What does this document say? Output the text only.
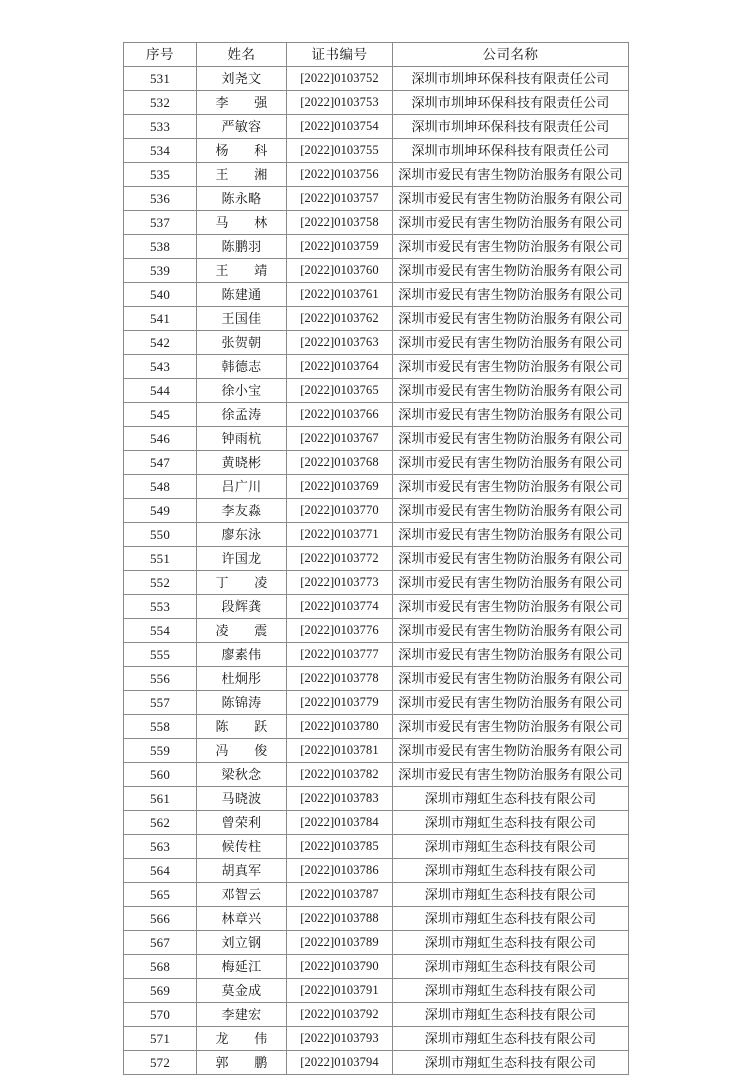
序号	姓名	证书编号	公司名称
531	刘尧文	[2022]0103752	深圳市圳坤环保科技有限责任公司
532	李强	[2022]0103753	深圳市圳坤环保科技有限责任公司
533	严敏容	[2022]0103754	深圳市圳坤环保科技有限责任公司
534	杨科	[2022]0103755	深圳市圳坤环保科技有限责任公司
535	王湘	[2022]0103756	深圳市爱民有害生物防治服务有限公司
536	陈永略	[2022]0103757	深圳市爱民有害生物防治服务有限公司
537	马林	[2022]0103758	深圳市爱民有害生物防治服务有限公司
538	陈鹏羽	[2022]0103759	深圳市爱民有害生物防治服务有限公司
539	王靖	[2022]0103760	深圳市爱民有害生物防治服务有限公司
540	陈建通	[2022]0103761	深圳市爱民有害生物防治服务有限公司
541	王国佳	[2022]0103762	深圳市爱民有害生物防治服务有限公司
542	张贺朝	[2022]0103763	深圳市爱民有害生物防治服务有限公司
543	韩德志	[2022]0103764	深圳市爱民有害生物防治服务有限公司
544	徐小宝	[2022]0103765	深圳市爱民有害生物防治服务有限公司
545	徐孟涛	[2022]0103766	深圳市爱民有害生物防治服务有限公司
546	钟雨杭	[2022]0103767	深圳市爱民有害生物防治服务有限公司
547	黄晓彬	[2022]0103768	深圳市爱民有害生物防治服务有限公司
548	吕广川	[2022]0103769	深圳市爱民有害生物防治服务有限公司
549	李友淼	[2022]0103770	深圳市爱民有害生物防治服务有限公司
550	廖东泳	[2022]0103771	深圳市爱民有害生物防治服务有限公司
551	许国龙	[2022]0103772	深圳市爱民有害生物防治服务有限公司
552	丁凌	[2022]0103773	深圳市爱民有害生物防治服务有限公司
553	段辉龚	[2022]0103774	深圳市爱民有害生物防治服务有限公司
554	凌震	[2022]0103776	深圳市爱民有害生物防治服务有限公司
555	廖素伟	[2022]0103777	深圳市爱民有害生物防治服务有限公司
556	杜炯彤	[2022]0103778	深圳市爱民有害生物防治服务有限公司
557	陈锦涛	[2022]0103779	深圳市爱民有害生物防治服务有限公司
558	陈跃	[2022]0103780	深圳市爱民有害生物防治服务有限公司
559	冯俊	[2022]0103781	深圳市爱民有害生物防治服务有限公司
560	梁秋念	[2022]0103782	深圳市爱民有害生物防治服务有限公司
561	马晓波	[2022]0103783	深圳市翔虹生态科技有限公司
562	曾荣利	[2022]0103784	深圳市翔虹生态科技有限公司
563	候传柱	[2022]0103785	深圳市翔虹生态科技有限公司
564	胡真军	[2022]0103786	深圳市翔虹生态科技有限公司
565	邓智云	[2022]0103787	深圳市翔虹生态科技有限公司
566	林章兴	[2022]0103788	深圳市翔虹生态科技有限公司
567	刘立钢	[2022]0103789	深圳市翔虹生态科技有限公司
568	梅延江	[2022]0103790	深圳市翔虹生态科技有限公司
569	莫金成	[2022]0103791	深圳市翔虹生态科技有限公司
570	李建宏	[2022]0103792	深圳市翔虹生态科技有限公司
571	龙伟	[2022]0103793	深圳市翔虹生态科技有限公司
572	郭鹏	[2022]0103794	深圳市翔虹生态科技有限公司
